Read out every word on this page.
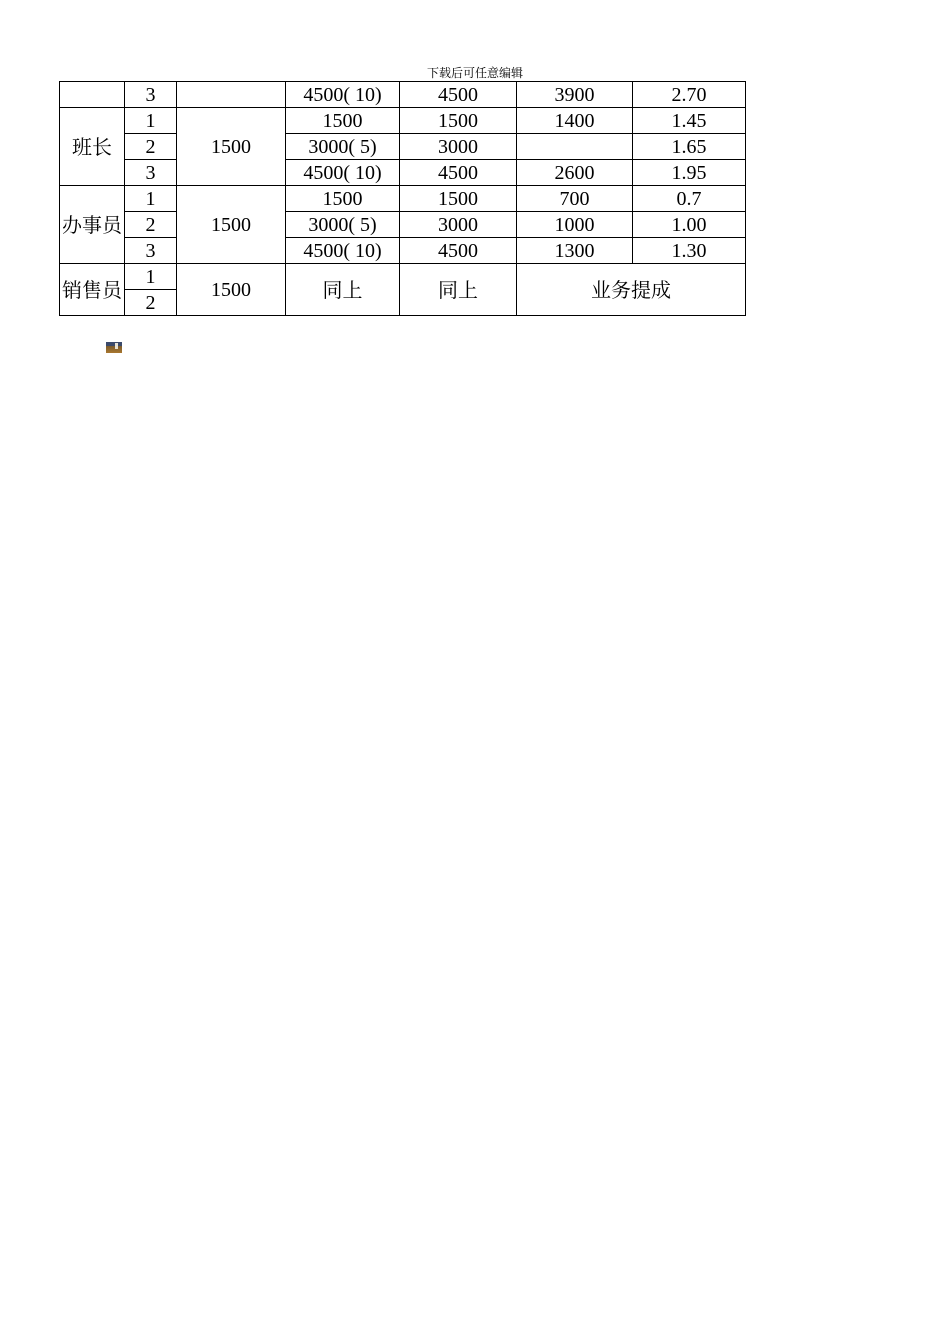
下载后可任意编辑
	3		4500( 10)	4500	3900	2.70
班长	1	1500	1500	1500	1400	1.45
	2		3000( 5)	3000		1.65
	3		4500( 10)	4500	2600	1.95
办事员	1	1500	1500	1500	700	0.7
	2		3000( 5)	3000	1000	1.00
	3		4500( 10)	4500	1300	1.30
销售员	1	1500	同上	同上	业务提成	
	2					
